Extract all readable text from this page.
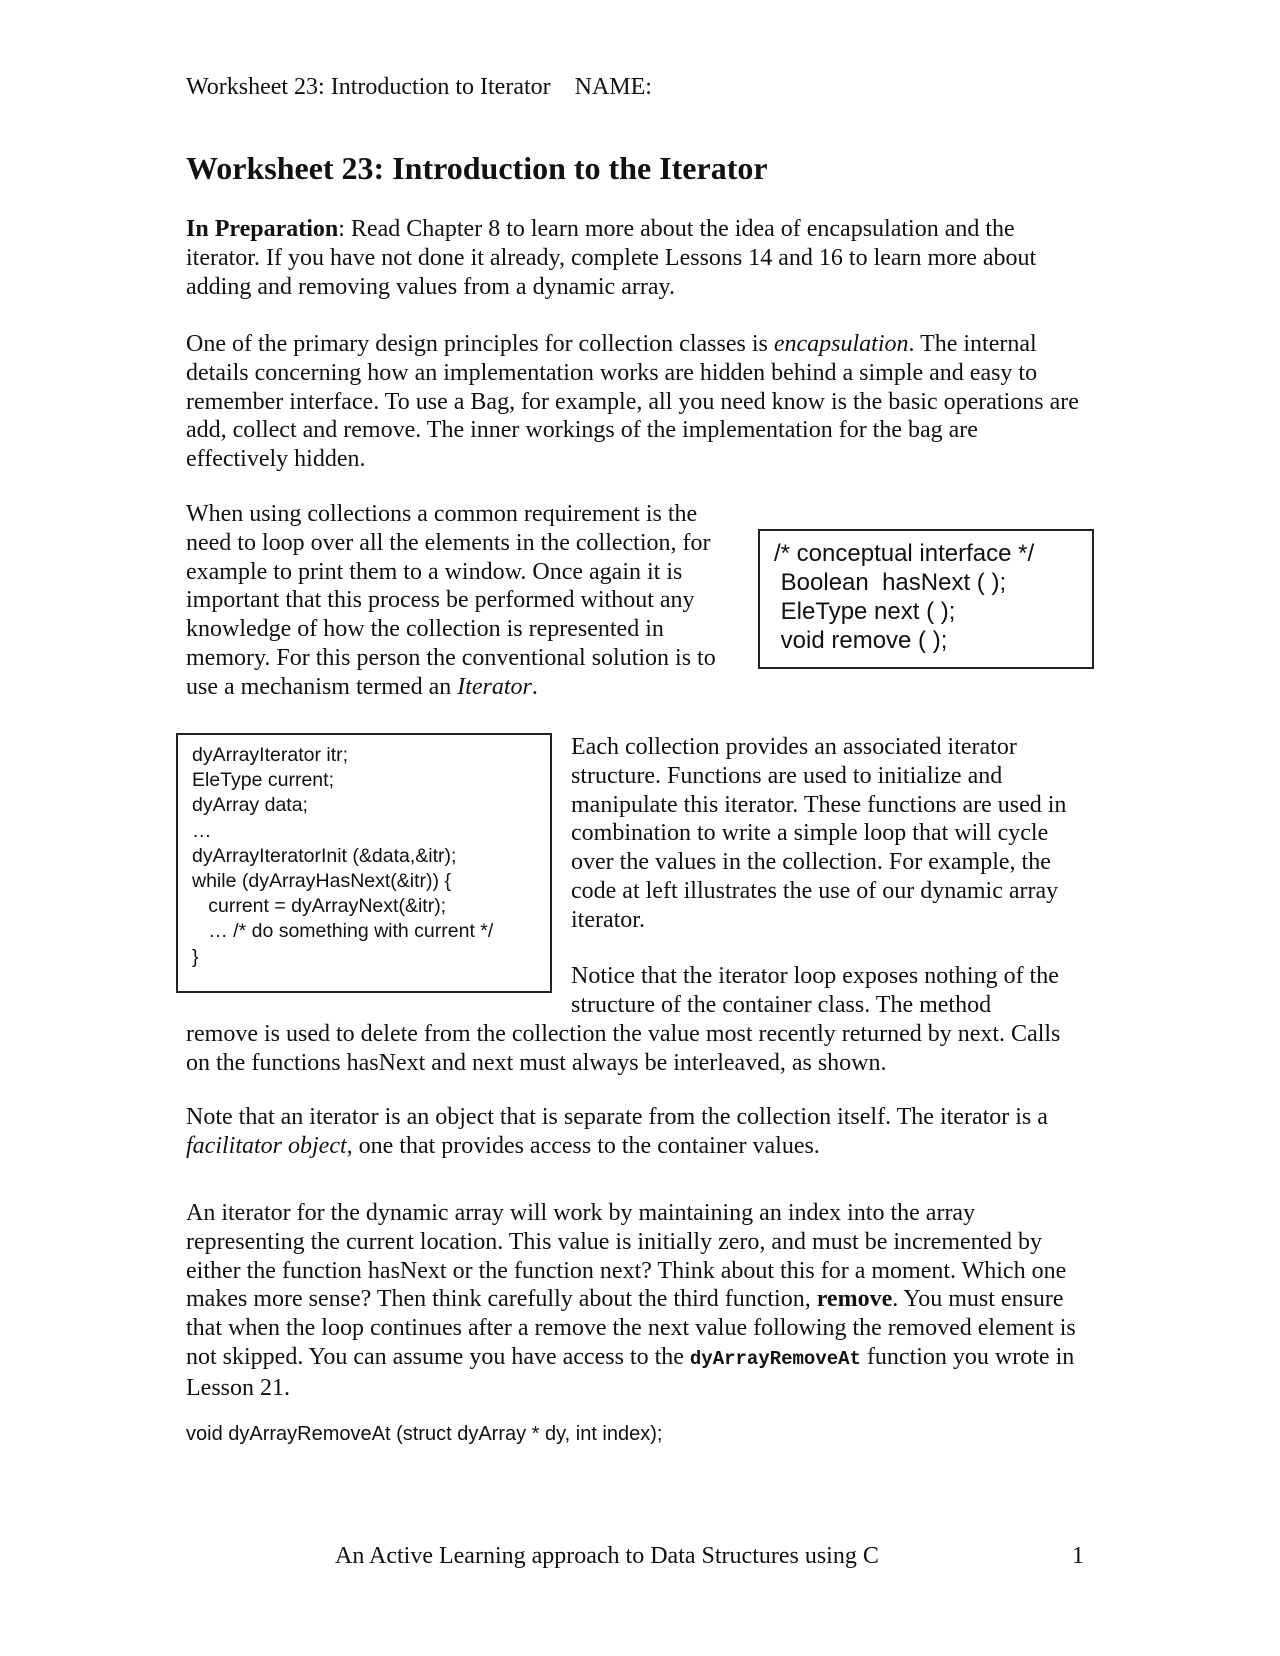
Worksheet 23: Introduction to Iterator NAME:
Worksheet 23: Introduction to the Iterator

In Preparation: Read Chapter 8 to learn more about the idea of encapsulation and the iterator. If you have not done it already, complete Lessons 14 and 16 to learn more about adding and removing values from a dynamic array.

One of the primary design principles for collection classes is encapsulation. The internal details concerning how an implementation works are hidden behind a simple and easy to remember interface. To use a Bag, for example, all you need know is the basic operations are add, collect and remove. The inner workings of the implementation for the bag are effectively hidden.

When using collections a common requirement is the need to loop over all the elements in the collection, for example to print them to a window. Once again it is important that this process be performed without any knowledge of how the collection is represented in memory. For this person the conventional solution is to use a mechanism termed an Iterator.

/* conceptual interface */
Boolean  hasNext ( );
EleType next ( );
void remove ( );
dyArrayIterator itr;
EleType current;
dyArray data;
…
dyArrayIteratorInit (&data,&itr);
while (dyArrayHasNext(&itr)) {
current = dyArrayNext(&itr);
… /* do something with current */
}

Each collection provides an associated iterator structure. Functions are used to initialize and manipulate this iterator. These functions are used in combination to write a simple loop that will cycle over the values in the collection. For example, the code at left illustrates the use of our dynamic array iterator.

Notice that the iterator loop exposes nothing of the structure of the container class. The method

remove is used to delete from the collection the value most recently returned by next. Calls on the functions hasNext and next must always be interleaved, as shown.

Note that an iterator is an object that is separate from the collection itself. The iterator is a facilitator object, one that provides access to the container values.

An iterator for the dynamic array will work by maintaining an index into the array representing the current location. This value is initially zero, and must be incremented by either the function hasNext or the function next? Think about this for a moment. Which one makes more sense? Then think carefully about the third function, remove. You must ensure that when the loop continues after a remove the next value following the removed element is not skipped. You can assume you have access to the dyArrayRemoveAt function you wrote in Lesson 21.

void dyArrayRemoveAt (struct dyArray * dy, int index);
An Active Learning approach to Data Structures using C	1
